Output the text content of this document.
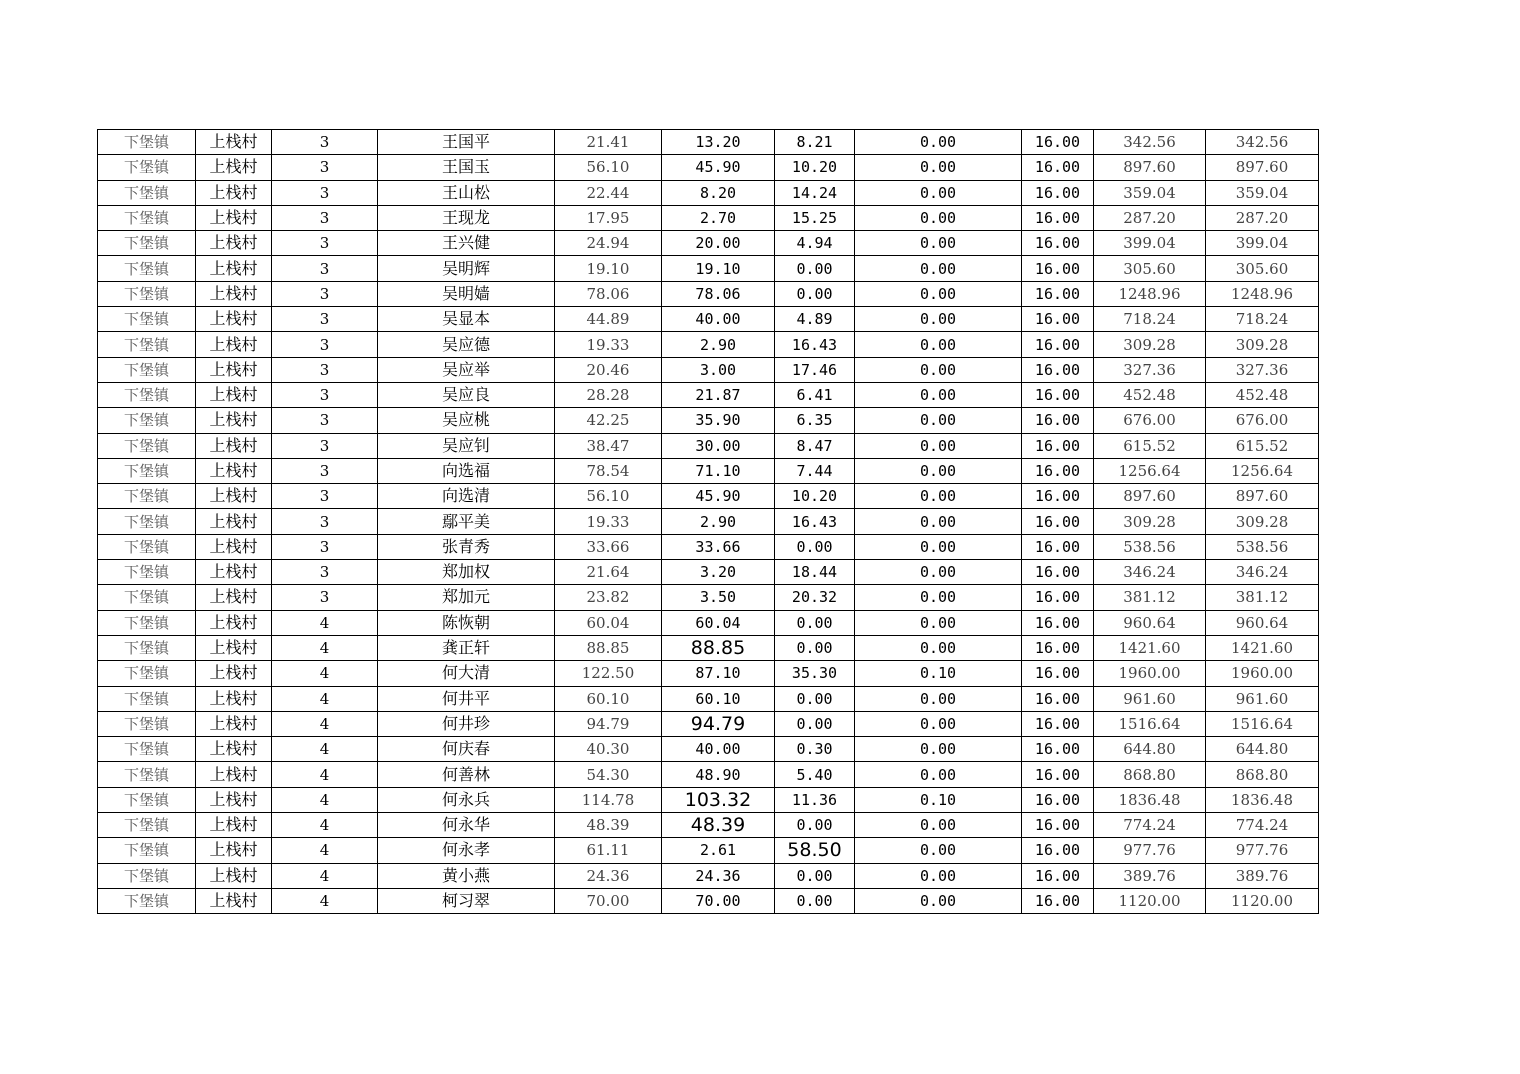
下堡镇	上栈村	3	王国平	21.41	13.20	8.21	0.00	16.00	342.56	342.56
下堡镇	上栈村	3	王国玉	56.10	45.90	10.20	0.00	16.00	897.60	897.60
下堡镇	上栈村	3	王山松	22.44	8.20	14.24	0.00	16.00	359.04	359.04
下堡镇	上栈村	3	王现龙	17.95	2.70	15.25	0.00	16.00	287.20	287.20
下堡镇	上栈村	3	王兴健	24.94	20.00	4.94	0.00	16.00	399.04	399.04
下堡镇	上栈村	3	吴明辉	19.10	19.10	0.00	0.00	16.00	305.60	305.60
下堡镇	上栈村	3	吴明嫱	78.06	78.06	0.00	0.00	16.00	1248.96	1248.96
下堡镇	上栈村	3	吴显本	44.89	40.00	4.89	0.00	16.00	718.24	718.24
下堡镇	上栈村	3	吴应德	19.33	2.90	16.43	0.00	16.00	309.28	309.28
下堡镇	上栈村	3	吴应举	20.46	3.00	17.46	0.00	16.00	327.36	327.36
下堡镇	上栈村	3	吴应良	28.28	21.87	6.41	0.00	16.00	452.48	452.48
下堡镇	上栈村	3	吴应桃	42.25	35.90	6.35	0.00	16.00	676.00	676.00
下堡镇	上栈村	3	吴应钊	38.47	30.00	8.47	0.00	16.00	615.52	615.52
下堡镇	上栈村	3	向选福	78.54	71.10	7.44	0.00	16.00	1256.64	1256.64
下堡镇	上栈村	3	向选清	56.10	45.90	10.20	0.00	16.00	897.60	897.60
下堡镇	上栈村	3	鄢平美	19.33	2.90	16.43	0.00	16.00	309.28	309.28
下堡镇	上栈村	3	张青秀	33.66	33.66	0.00	0.00	16.00	538.56	538.56
下堡镇	上栈村	3	郑加权	21.64	3.20	18.44	0.00	16.00	346.24	346.24
下堡镇	上栈村	3	郑加元	23.82	3.50	20.32	0.00	16.00	381.12	381.12
下堡镇	上栈村	4	陈恢朝	60.04	60.04	0.00	0.00	16.00	960.64	960.64
下堡镇	上栈村	4	龚正轩	88.85	88.85	0.00	0.00	16.00	1421.60	1421.60
下堡镇	上栈村	4	何大清	122.50	87.10	35.30	0.10	16.00	1960.00	1960.00
下堡镇	上栈村	4	何井平	60.10	60.10	0.00	0.00	16.00	961.60	961.60
下堡镇	上栈村	4	何井珍	94.79	94.79	0.00	0.00	16.00	1516.64	1516.64
下堡镇	上栈村	4	何庆春	40.30	40.00	0.30	0.00	16.00	644.80	644.80
下堡镇	上栈村	4	何善林	54.30	48.90	5.40	0.00	16.00	868.80	868.80
下堡镇	上栈村	4	何永兵	114.78	103.32	11.36	0.10	16.00	1836.48	1836.48
下堡镇	上栈村	4	何永华	48.39	48.39	0.00	0.00	16.00	774.24	774.24
下堡镇	上栈村	4	何永孝	61.11	2.61	58.50	0.00	16.00	977.76	977.76
下堡镇	上栈村	4	黄小燕	24.36	24.36	0.00	0.00	16.00	389.76	389.76
下堡镇	上栈村	4	柯习翠	70.00	70.00	0.00	0.00	16.00	1120.00	1120.00
